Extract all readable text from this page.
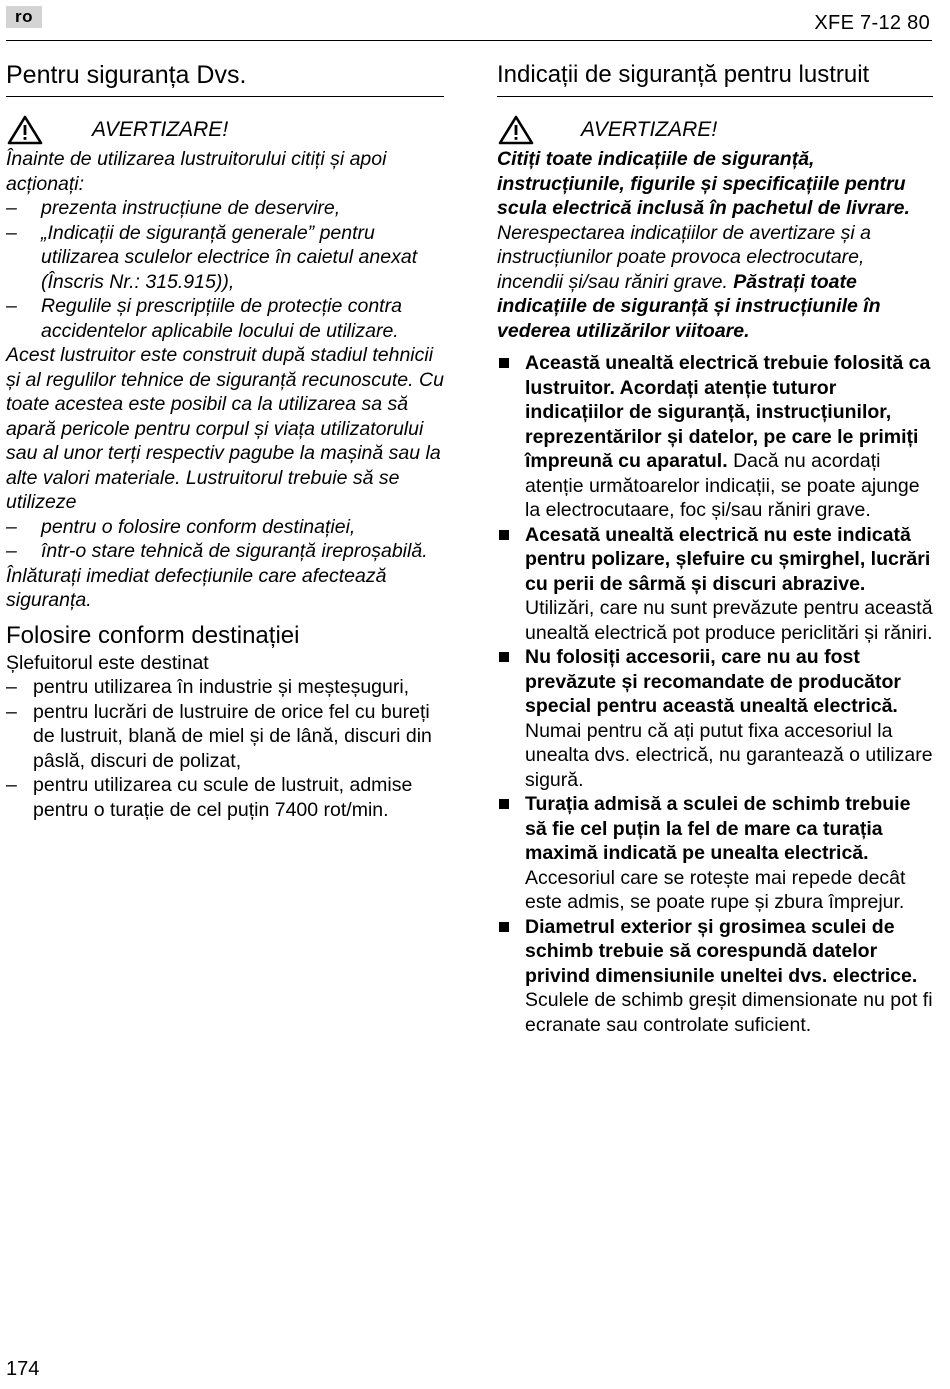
ro	XFE 7-12 80
Pentru siguranța Dvs.
AVERTIZARE!

Înainte de utilizarea lustruitorului citiți și apoi acționați:

– prezenta instrucțiune de deservire,
– „Indicații de siguranță generale” pentru utilizarea sculelor electrice în caietul anexat (Înscris Nr.: 315.915)),
– Regulile și prescripțiile de protecție contra accidentelor aplicabile locului de utilizare.

Acest lustruitor este construit după stadiul tehnicii și al regulilor tehnice de siguranță recunoscute. Cu toate acestea este posibil ca la utilizarea sa să apară pericole pentru corpul și viața utilizatorului sau al unor terți respectiv pagube la mașină sau la alte valori materiale. Lustruitorul trebuie să se utilizeze

– pentru o folosire conform destinației,
– într-o stare tehnică de siguranță ireproșabilă.

Înlăturați imediat defecțiunile care afectează siguranța.

Folosire conform destinației

Șlefuitorul este destinat

– pentru utilizarea în industrie și meșteșuguri,
– pentru lucrări de lustruire de orice fel cu bureți de lustruit, blană de miel și de lână, discuri din pâslă, discuri de polizat,
– pentru utilizarea cu scule de lustruit, admise pentru o turație de cel puțin 7400 rot/min.
Indicații de siguranță pentru lustruit
AVERTIZARE!

Citiți toate indicațiile de siguranță, instrucțiunile, figurile și specificațiile pentru scula electrică inclusă în pachetul de livrare. Nerespectarea indicațiilor de avertizare și a instrucțiunilor poate provoca electrocutare, incendii și/sau răniri grave. Păstrați toate indicațiile de siguranță și instrucțiunile în vederea utilizărilor viitoare.

Această unealtă electrică trebuie folosită ca lustruitor. Acordați atenție tuturor indicațiilor de siguranță, instrucțiunilor, reprezentărilor și datelor, pe care le primiți împreună cu aparatul. Dacă nu acordați atenție următoarelor indicații, se poate ajunge la electrocutaare, foc și/sau răniri grave.
Acesată unealtă electrică nu este indicată pentru polizare, șlefuire cu șmirghel, lucrări cu perii de sârmă și discuri abrazive. Utilizări, care nu sunt prevăzute pentru această unealtă electrică pot produce periclitări și răniri.
Nu folosiți accesorii, care nu au fost prevăzute și recomandate de producător special pentru această unealtă electrică. Numai pentru că ați putut fixa accesoriul la unealta dvs. electrică, nu garantează o utilizare sigură.
Turația admisă a sculei de schimb trebuie să fie cel puțin la fel de mare ca turația maximă indicată pe unealta electrică. Accesoriul care se rotește mai repede decât este admis, se poate rupe și zbura împrejur.
Diametrul exterior și grosimea sculei de schimb trebuie să corespundă datelor privind dimensiunile uneltei dvs. electrice. Sculele de schimb greșit dimensionate nu pot fi ecranate sau controlate suficient.
174
